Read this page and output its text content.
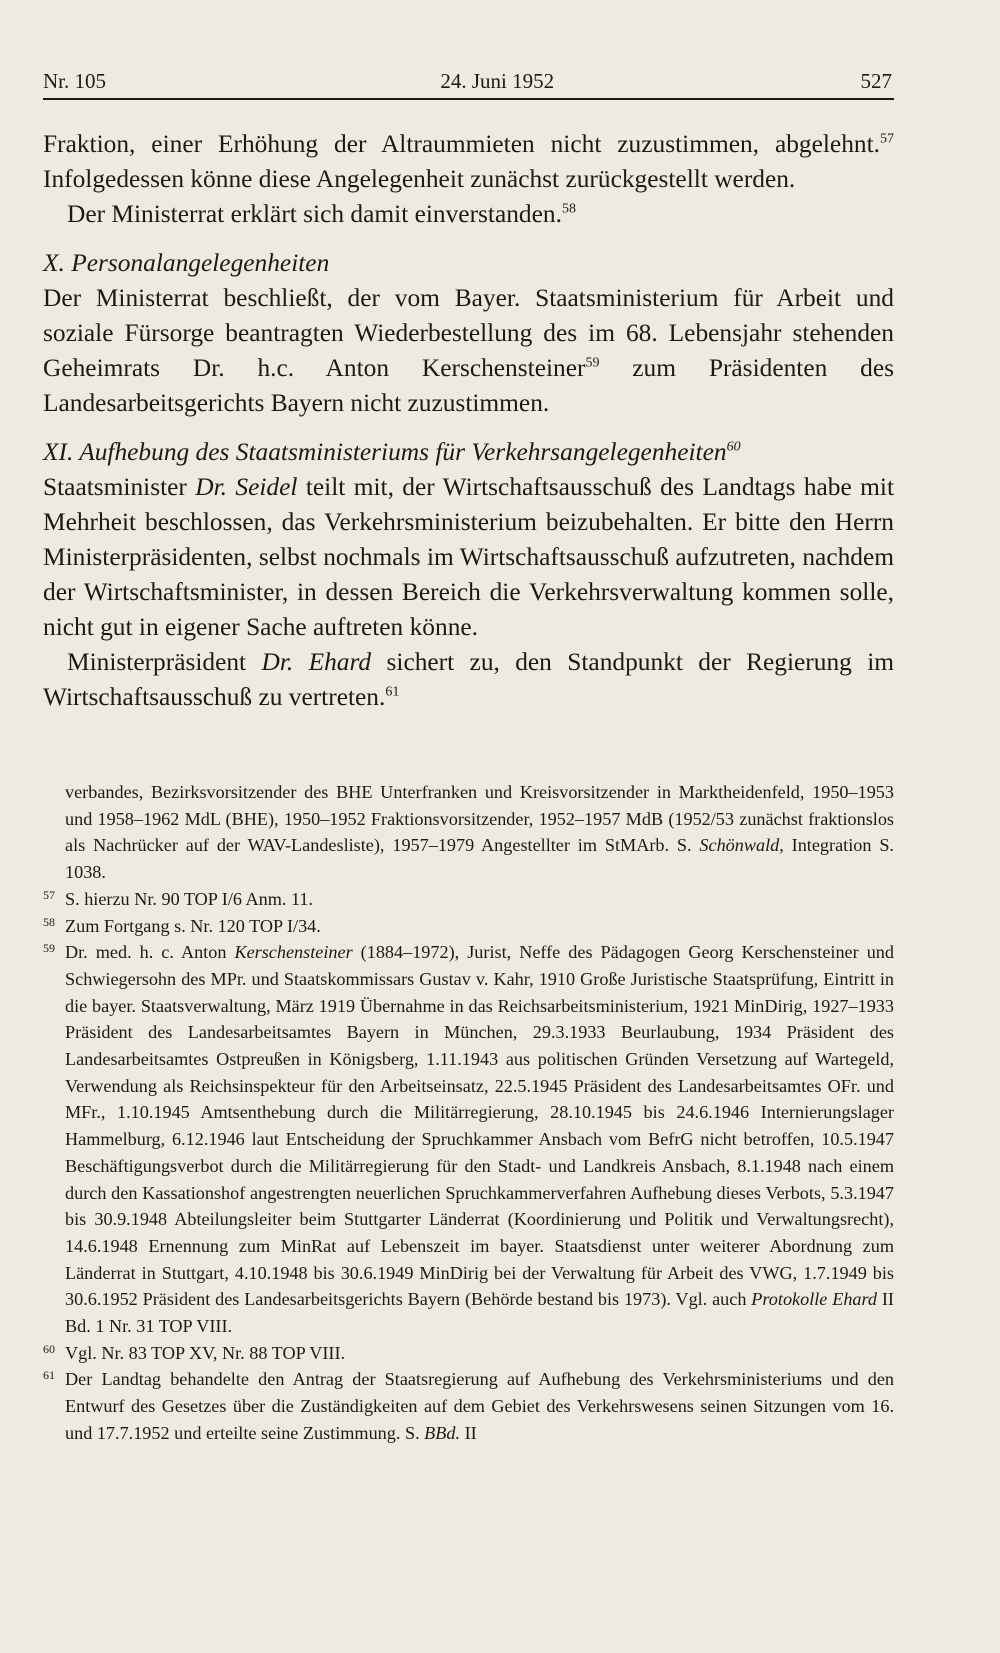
Nr. 105	24. Juni 1952	527

Fraktion, einer Erhöhung der Altraummieten nicht zuzustimmen, abgelehnt.$^{57}$ Infolgedessen könne diese Angelegenheit zunächst zurückgestellt werden.

Der Ministerrat erklärt sich damit einverstanden.$^{58}$

X. Personalangelegenheiten

Der Ministerrat beschließt, der vom Bayer. Staatsministerium für Arbeit und soziale Fürsorge beantragten Wiederbestellung des im 68. Lebensjahr stehenden Geheimrats Dr. h.c. Anton Kerschensteiner$^{59}$ zum Präsidenten des Landesarbeitsgerichts Bayern nicht zuzustimmen.

XI. Aufhebung des Staatsministeriums für Verkehrsangelegenheiten$^{60}$

Staatsminister Dr. Seidel teilt mit, der Wirtschaftsausschuß des Landtags habe mit Mehrheit beschlossen, das Verkehrsministerium beizubehalten. Er bitte den Herrn Ministerpräsidenten, selbst nochmals im Wirtschaftsausschuß aufzutreten, nachdem der Wirtschaftsminister, in dessen Bereich die Verkehrsverwaltung kommen solle, nicht gut in eigener Sache auftreten könne.

Ministerpräsident Dr. Ehard sichert zu, den Standpunkt der Regierung im Wirtschaftsausschuß zu vertreten.$^{61}$

verbandes, Bezirksvorsitzender des BHE Unterfranken und Kreisvorsitzender in Marktheidenfeld, 1950–1953 und 1958–1962 MdL (BHE), 1950–1952 Fraktionsvorsitzender, 1952–1957 MdB (1952/53 zunächst fraktionslos als Nachrücker auf der WAV-Landesliste), 1957–1979 Angestellter im StMArb. S. Schönwald, Integration S. 1038.
57 S. hierzu Nr. 90 TOP I/6 Anm. 11.
58 Zum Fortgang s. Nr. 120 TOP I/34.
59 Dr. med. h. c. Anton Kerschensteiner (1884–1972), Jurist, Neffe des Pädagogen Georg Kerschensteiner und Schwiegersohn des MPr. und Staatskommissars Gustav v. Kahr, 1910 Große Juristische Staatsprüfung, Eintritt in die bayer. Staatsverwaltung, März 1919 Übernahme in das Reichsarbeitsministerium, 1921 MinDirig, 1927–1933 Präsident des Landesarbeitsamtes Bayern in München, 29.3.1933 Beurlaubung, 1934 Präsident des Landesarbeitsamtes Ostpreußen in Königsberg, 1.11.1943 aus politischen Gründen Versetzung auf Wartegeld, Verwendung als Reichsinspekteur für den Arbeitseinsatz, 22.5.1945 Präsident des Landesarbeitsamtes OFr. und MFr., 1.10.1945 Amtsenthebung durch die Militärregierung, 28.10.1945 bis 24.6.1946 Internierungslager Hammelburg, 6.12.1946 laut Entscheidung der Spruchkammer Ansbach vom BefrG nicht betroffen, 10.5.1947 Beschäftigungsverbot durch die Militärregierung für den Stadt- und Landkreis Ansbach, 8.1.1948 nach einem durch den Kassationshof angestrengten neuerlichen Spruchkammerverfahren Aufhebung dieses Verbots, 5.3.1947 bis 30.9.1948 Abteilungsleiter beim Stuttgarter Länderrat (Koordinierung und Politik und Verwaltungsrecht), 14.6.1948 Ernennung zum MinRat auf Lebenszeit im bayer. Staatsdienst unter weiterer Abordnung zum Länderrat in Stuttgart, 4.10.1948 bis 30.6.1949 MinDirig bei der Verwaltung für Arbeit des VWG, 1.7.1949 bis 30.6.1952 Präsident des Landesarbeitsgerichts Bayern (Behörde bestand bis 1973). Vgl. auch Protokolle Ehard II Bd. 1 Nr. 31 TOP VIII.
60 Vgl. Nr. 83 TOP XV, Nr. 88 TOP VIII.
61 Der Landtag behandelte den Antrag der Staatsregierung auf Aufhebung des Verkehrsministeriums und den Entwurf des Gesetzes über die Zuständigkeiten auf dem Gebiet des Verkehrswesens seinen Sitzungen vom 16. und 17.7.1952 und erteilte seine Zustimmung. S. BBd. II
